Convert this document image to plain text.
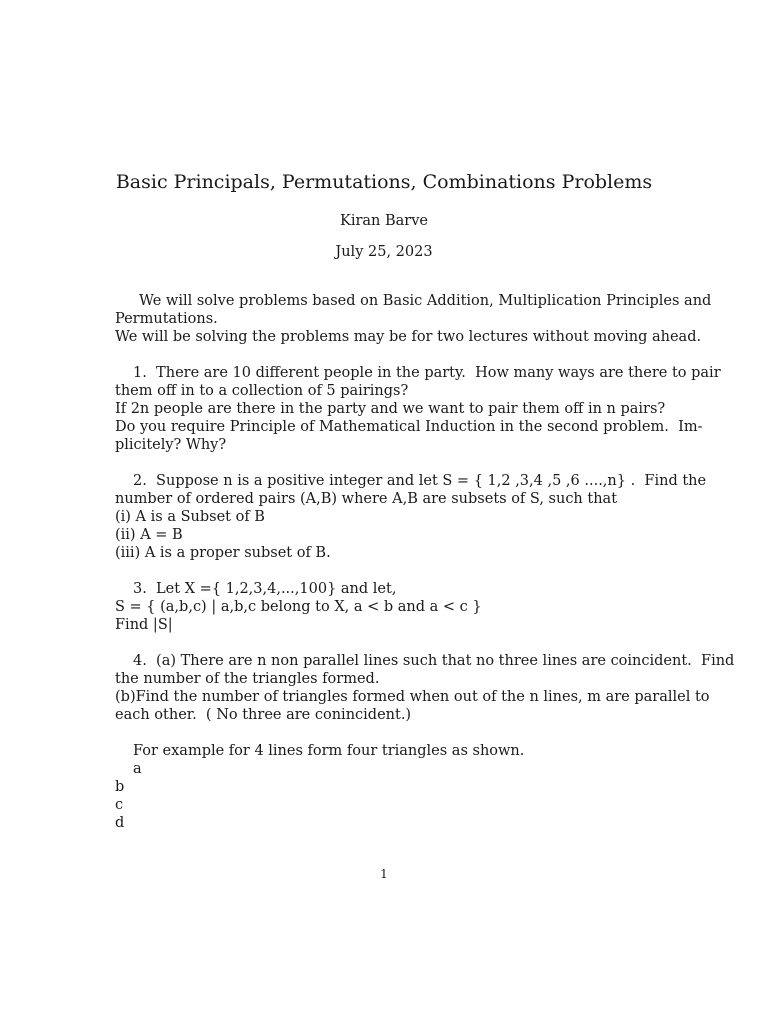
Basic Principals, Permutations, Combinations Problems
Kiran Barve
July 25, 2023
We will solve problems based on Basic Addition, Multiplication Principles and
Permutations.
We will be solving the problems may be for two lectures without moving ahead.
1.  There are 10 different people in the party.  How many ways are there to pair
them off in to a collection of 5 pairings?
If 2n people are there in the party and we want to pair them off in n pairs?
Do you require Principle of Mathematical Induction in the second problem.  Im-
plicitely? Why?
2.  Suppose n is a positive integer and let S = { 1,2 ,3,4 ,5 ,6 ....,n} .  Find the
number of ordered pairs (A,B) where A,B are subsets of S, such that
(i) A is a Subset of B
(ii) A = B
(iii) A is a proper subset of B.
3.  Let X ={ 1,2,3,4,...,100} and let,
S = { (a,b,c) | a,b,c belong to X, a < b and a < c }
Find |S|
4.  (a) There are n non parallel lines such that no three lines are coincident.  Find
the number of the triangles formed.
(b)Find the number of triangles formed when out of the n lines, m are parallel to
each other.  ( No three are conincident.)
For example for 4 lines form four triangles as shown.
a
b
c
d
1
